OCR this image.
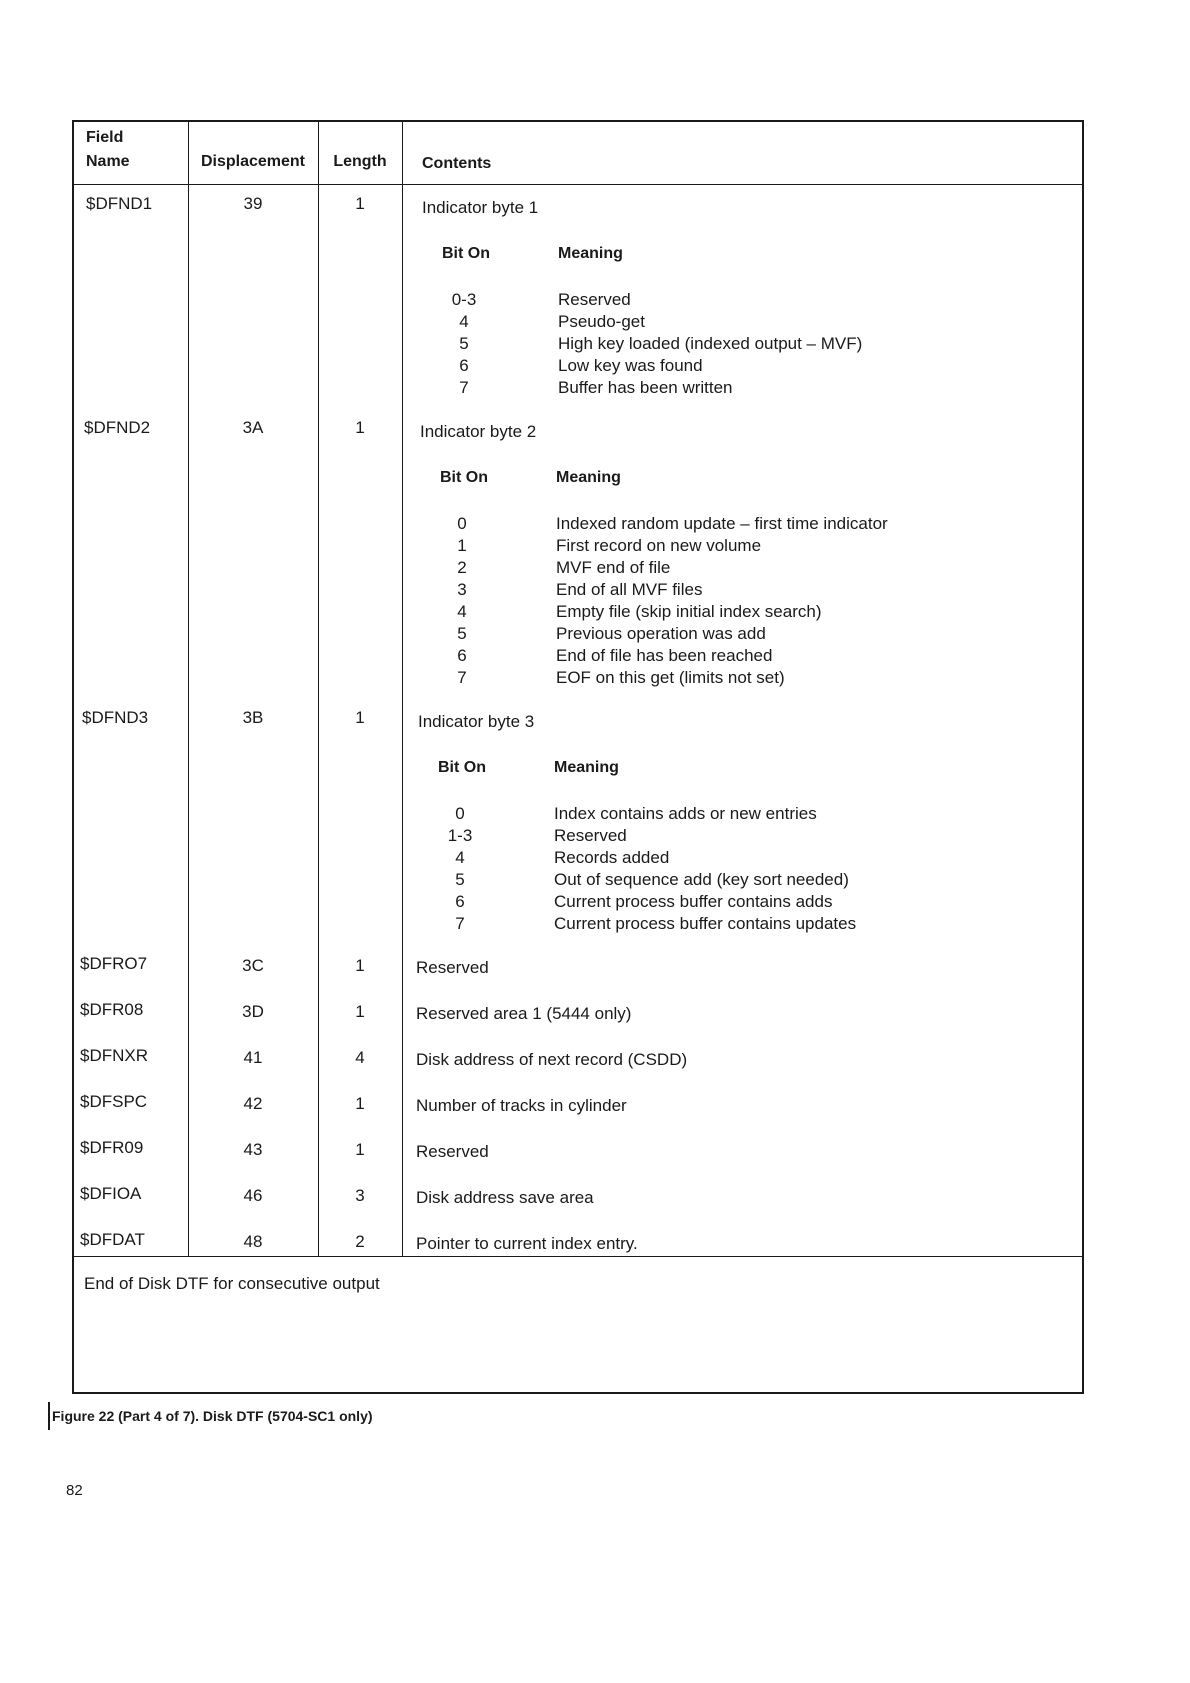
Field
Name	Displacement	Length	Contents
$DFND1	39	1	Indicator byte 1
Bit On	Meaning
0-3	Reserved
4	Pseudo-get
5	High key loaded (indexed output – MVF)
6	Low key was found
7	Buffer has been written
$DFND2	3A	1	Indicator byte 2
Bit On	Meaning
0	Indexed random update – first time indicator
1	First record on new volume
2	MVF end of file
3	End of all MVF files
4	Empty file (skip initial index search)
5	Previous operation was add
6	End of file has been reached
7	EOF on this get (limits not set)
$DFND3	3B	1	Indicator byte 3
Bit On	Meaning
0	Index contains adds or new entries
1-3	Reserved
4	Records added
5	Out of sequence add (key sort needed)
6	Current process buffer contains adds
7	Current process buffer contains updates
$DFRO7	3C	1	Reserved
$DFR08	3D	1	Reserved area 1 (5444 only)
$DFNXR	41	4	Disk address of next record (CSDD)
$DFSPC	42	1	Number of tracks in cylinder
$DFR09	43	1	Reserved
$DFIOA	46	3	Disk address save area
$DFDAT	48	2	Pointer to current index entry.
End of Disk DTF for consecutive output
Figure 22 (Part 4 of 7). Disk DTF (5704-SC1 only)
82
